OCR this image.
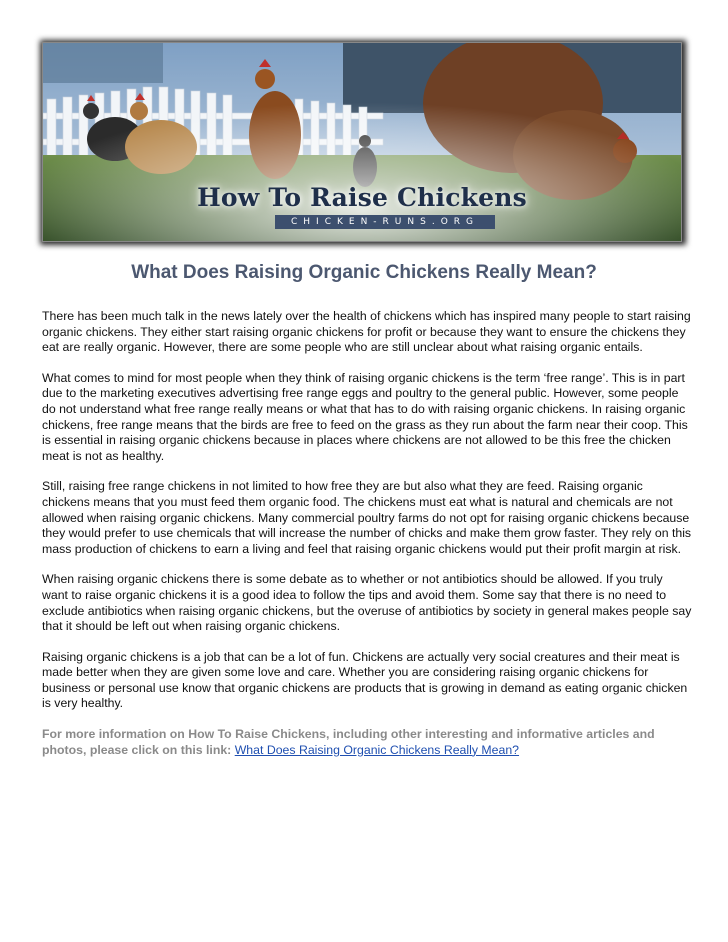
How To Raise Chickens
CHICKEN-RUNS.ORG
What Does Raising Organic Chickens Really Mean?

There has been much talk in the news lately over the health of chickens which has inspired many people to start raising organic chickens. They either start raising organic chickens for profit or because they want to ensure the chickens they eat are really organic. However, there are some people who are still unclear about what raising organic entails.

What comes to mind for most people when they think of raising organic chickens is the term ‘free range’. This is in part due to the marketing executives advertising free range eggs and poultry to the general public. However, some people do not understand what free range really means or what that has to do with raising organic chickens. In raising organic chickens, free range means that the birds are free to feed on the grass as they run about the farm near their coop. This is essential in raising organic chickens because in places where chickens are not allowed to be this free the chicken meat is not as healthy.

Still, raising free range chickens in not limited to how free they are but also what they are feed. Raising organic chickens means that you must feed them organic food. The chickens must eat what is natural and chemicals are not allowed when raising organic chickens. Many commercial poultry farms do not opt for raising organic chickens because they would prefer to use chemicals that will increase the number of chicks and make them grow faster. They rely on this mass production of chickens to earn a living and feel that raising organic chickens would put their profit margin at risk.

When raising organic chickens there is some debate as to whether or not antibiotics should be allowed. If you truly want to raise organic chickens it is a good idea to follow the tips and avoid them. Some say that there is no need to exclude antibiotics when raising organic chickens, but the overuse of antibiotics by society in general makes people say that it should be left out when raising organic chickens.

Raising organic chickens is a job that can be a lot of fun. Chickens are actually very social creatures and their meat is made better when they are given some love and care. Whether you are considering raising organic chickens for business or personal use know that organic chickens are products that is growing in demand as eating organic chicken is very healthy.

For more information on How To Raise Chickens, including other interesting and informative articles and photos, please click on this link: What Does Raising Organic Chickens Really Mean?
